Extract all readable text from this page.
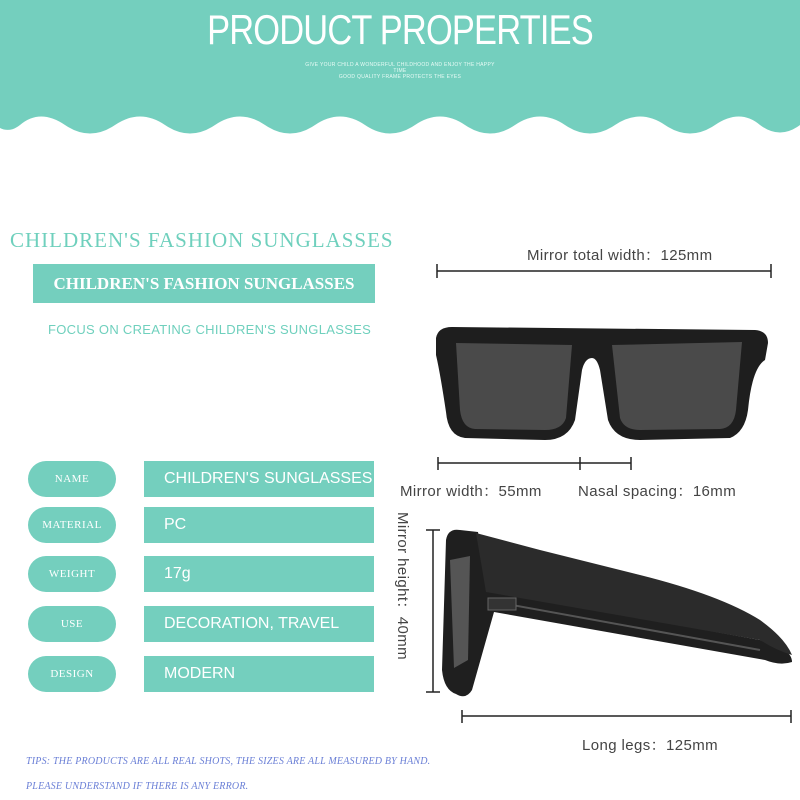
PRODUCT PROPERTIES
GIVE YOUR CHILD A WONDERFUL CHILDHOOD AND ENJOY THE HAPPY TIME
GOOD QUALITY FRAME PROTECTS THE EYES
CHILDREN'S FASHION SUNGLASSES
CHILDREN'S FASHION SUNGLASSES
FOCUS ON CREATING CHILDREN'S SUNGLASSES
NAME	CHILDREN'S SUNGLASSES
MATERIAL	PC
WEIGHT	17g
USE	DECORATION, TRAVEL
DESIGN	MODERN
Mirror total width：125mm
Mirror width：55mm Nasal spacing：16mm
Mirror height：40mm
Long legs：125mm
TIPS: THE PRODUCTS ARE ALL REAL SHOTS, THE SIZES ARE ALL MEASURED BY HAND.
PLEASE UNDERSTAND IF THERE IS ANY ERROR.
